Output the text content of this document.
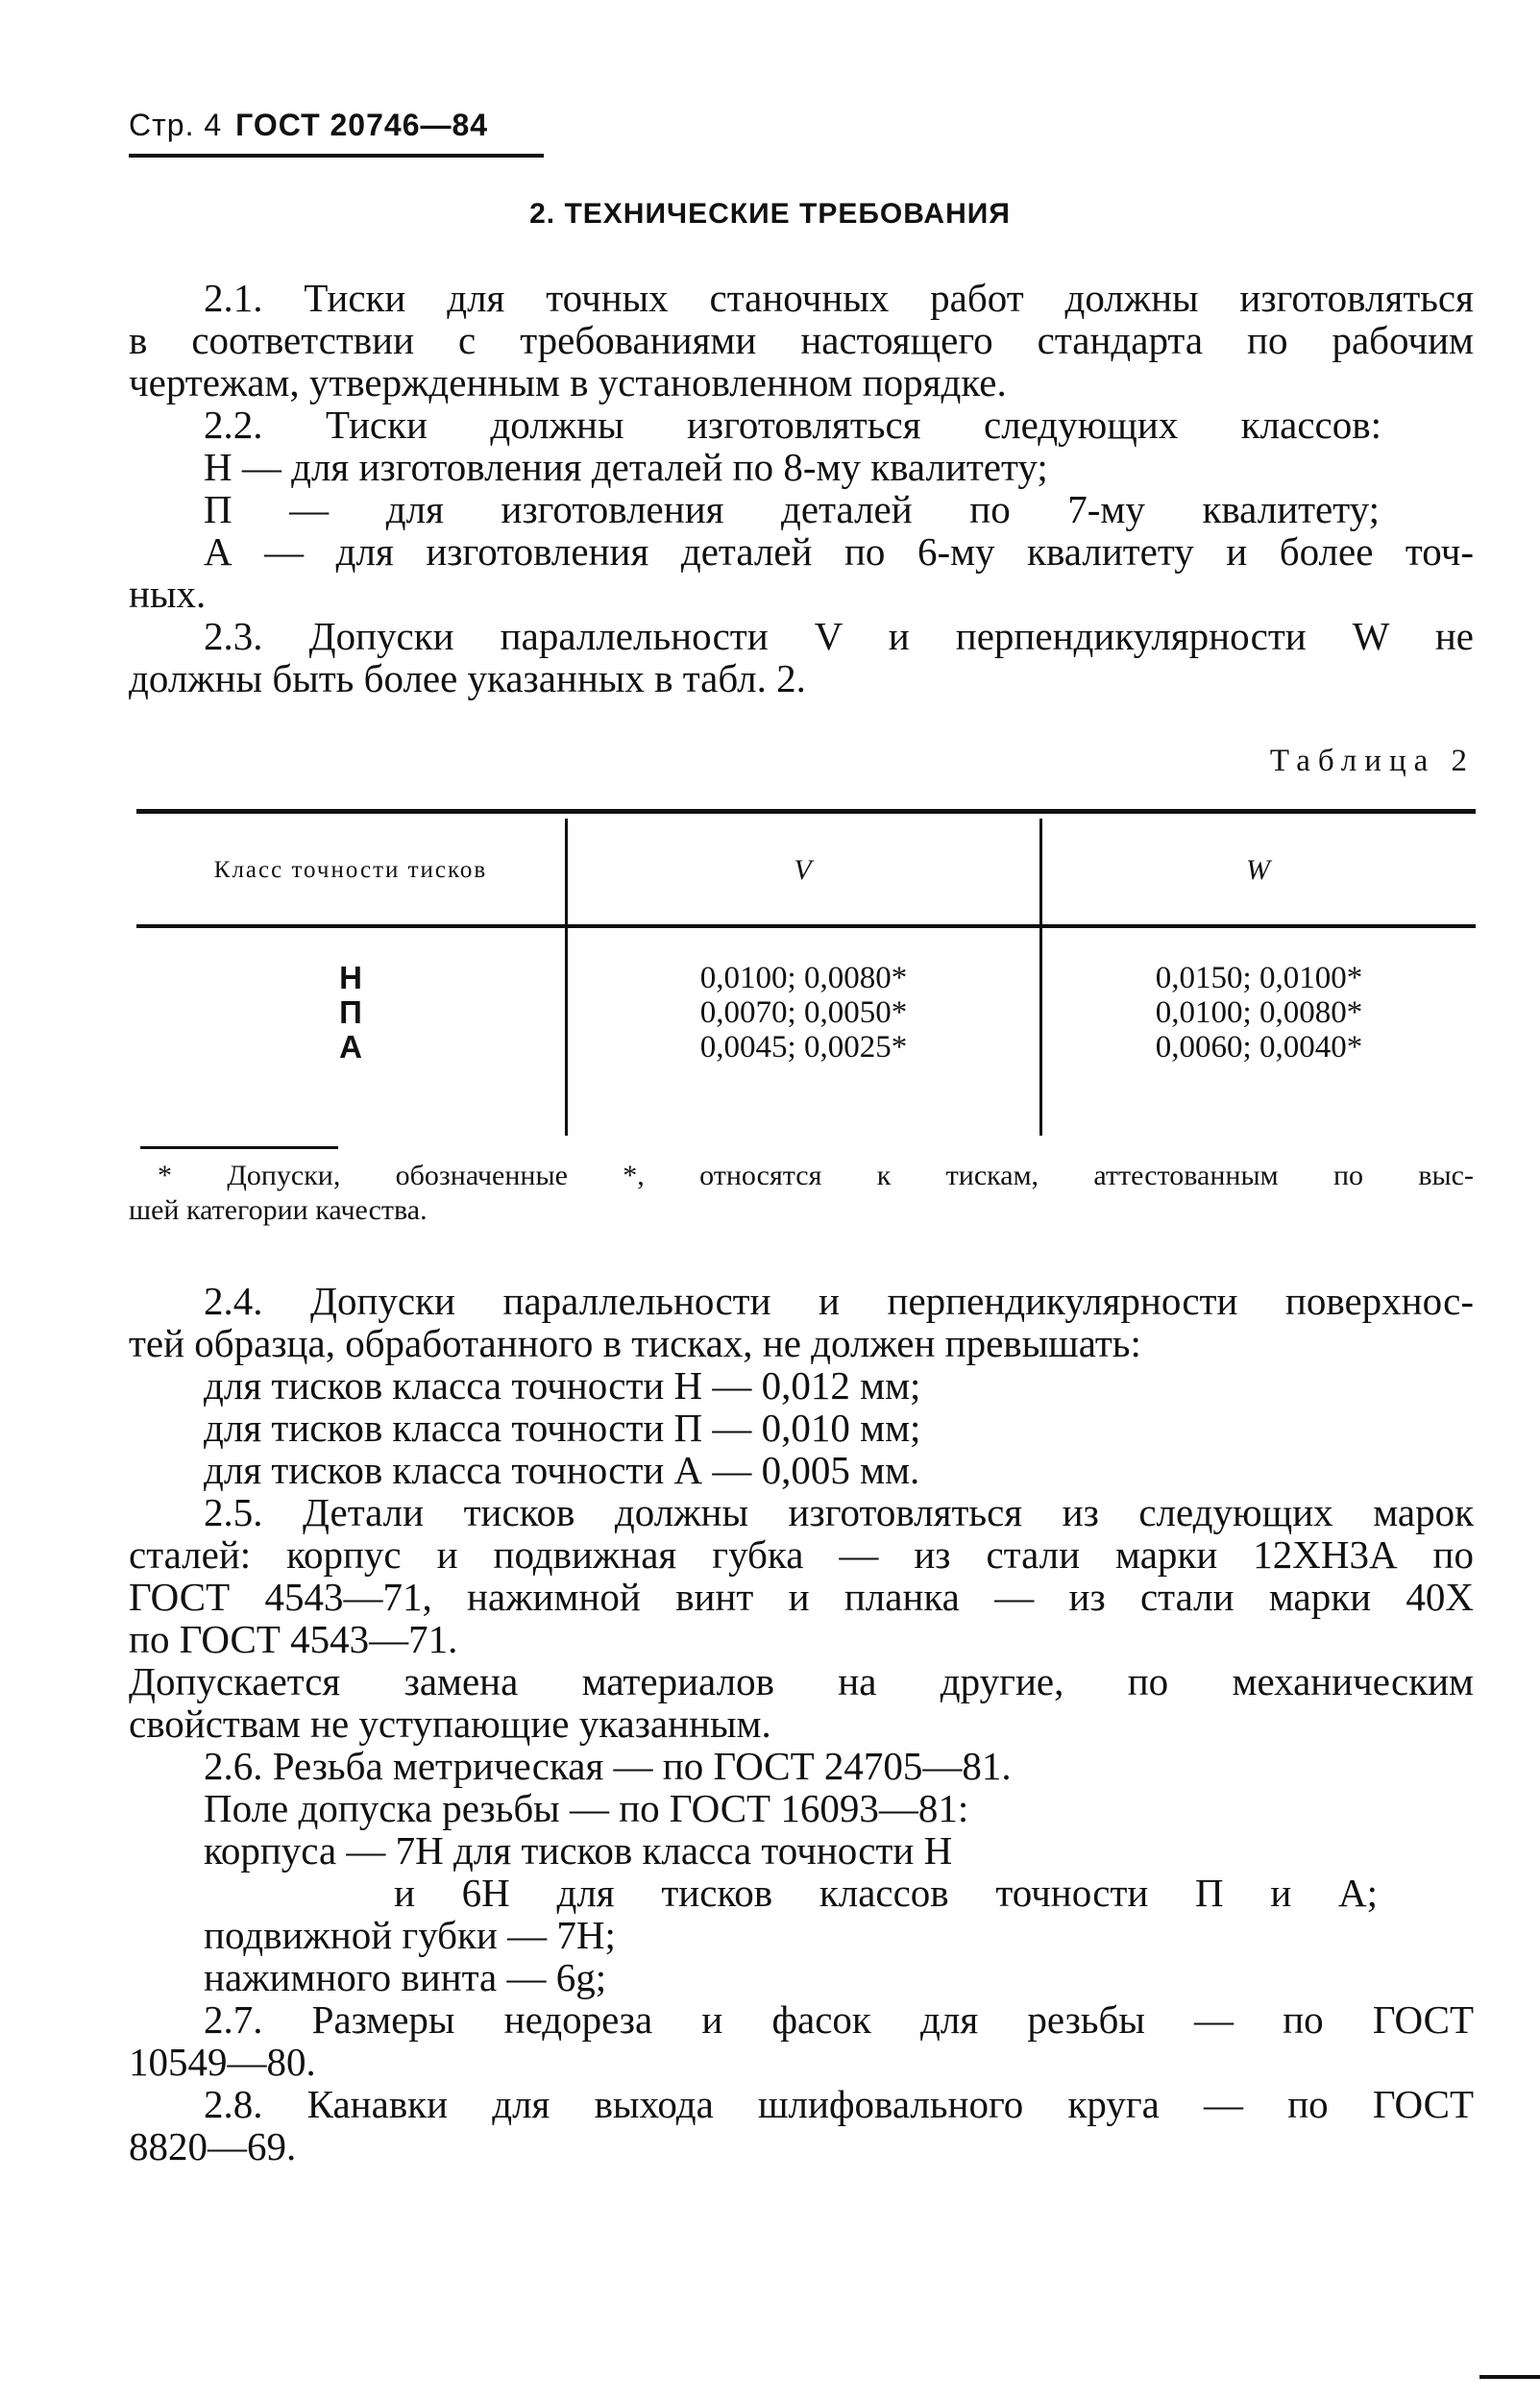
Стр. 4 ГОСТ 20746—84
2. ТЕХНИЧЕСКИЕ ТРЕБОВАНИЯ
2.1. Тиски для точных станочных работ должны изготовляться
в соответствии с требованиями настоящего стандарта по рабочим
чертежам, утвержденным в установленном порядке.
2.2. Тиски должны изготовляться следующих классов:
Н — для изготовления деталей по 8-му квалитету;
П — для изготовления деталей по 7-му квалитету;
А — для изготовления деталей по 6-му квалитету и более точ-
ных.
2.3. Допуски параллельности V и перпендикулярности W не
должны быть более указанных в табл. 2.
Таблица 2
Класс точности тисков	V	W
Н
П
А
0,0100; 0,0080*
0,0070; 0,0050*
0,0045; 0,0025*
0,0150; 0,0100*
0,0100; 0,0080*
0,0060; 0,0040*
* Допуски, обозначенные *, относятся к тискам, аттестованным по выс-
шей категории качества.
2.4. Допуски параллельности и перпендикулярности поверхнос-
тей образца, обработанного в тисках, не должен превышать:
для тисков класса точности Н — 0,012 мм;
для тисков класса точности П — 0,010 мм;
для тисков класса точности А — 0,005 мм.
2.5. Детали тисков должны изготовляться из следующих марок
сталей: корпус и подвижная губка — из стали марки 12ХН3А по
ГОСТ 4543—71, нажимной винт и планка — из стали марки 40Х
по ГОСТ 4543—71.
Допускается замена материалов на другие, по механическим
свойствам не уступающие указанным.
2.6. Резьба метрическая — по ГОСТ 24705—81.
Поле допуска резьбы — по ГОСТ 16093—81:
корпуса — 7Н для тисков класса точности Н
и 6Н для тисков классов точности П и А;
подвижной губки — 7Н;
нажимного винта — 6g;
2.7. Размеры недореза и фасок для резьбы — по ГОСТ
10549—80.
2.8. Канавки для выхода шлифовального круга — по ГОСТ
8820—69.
